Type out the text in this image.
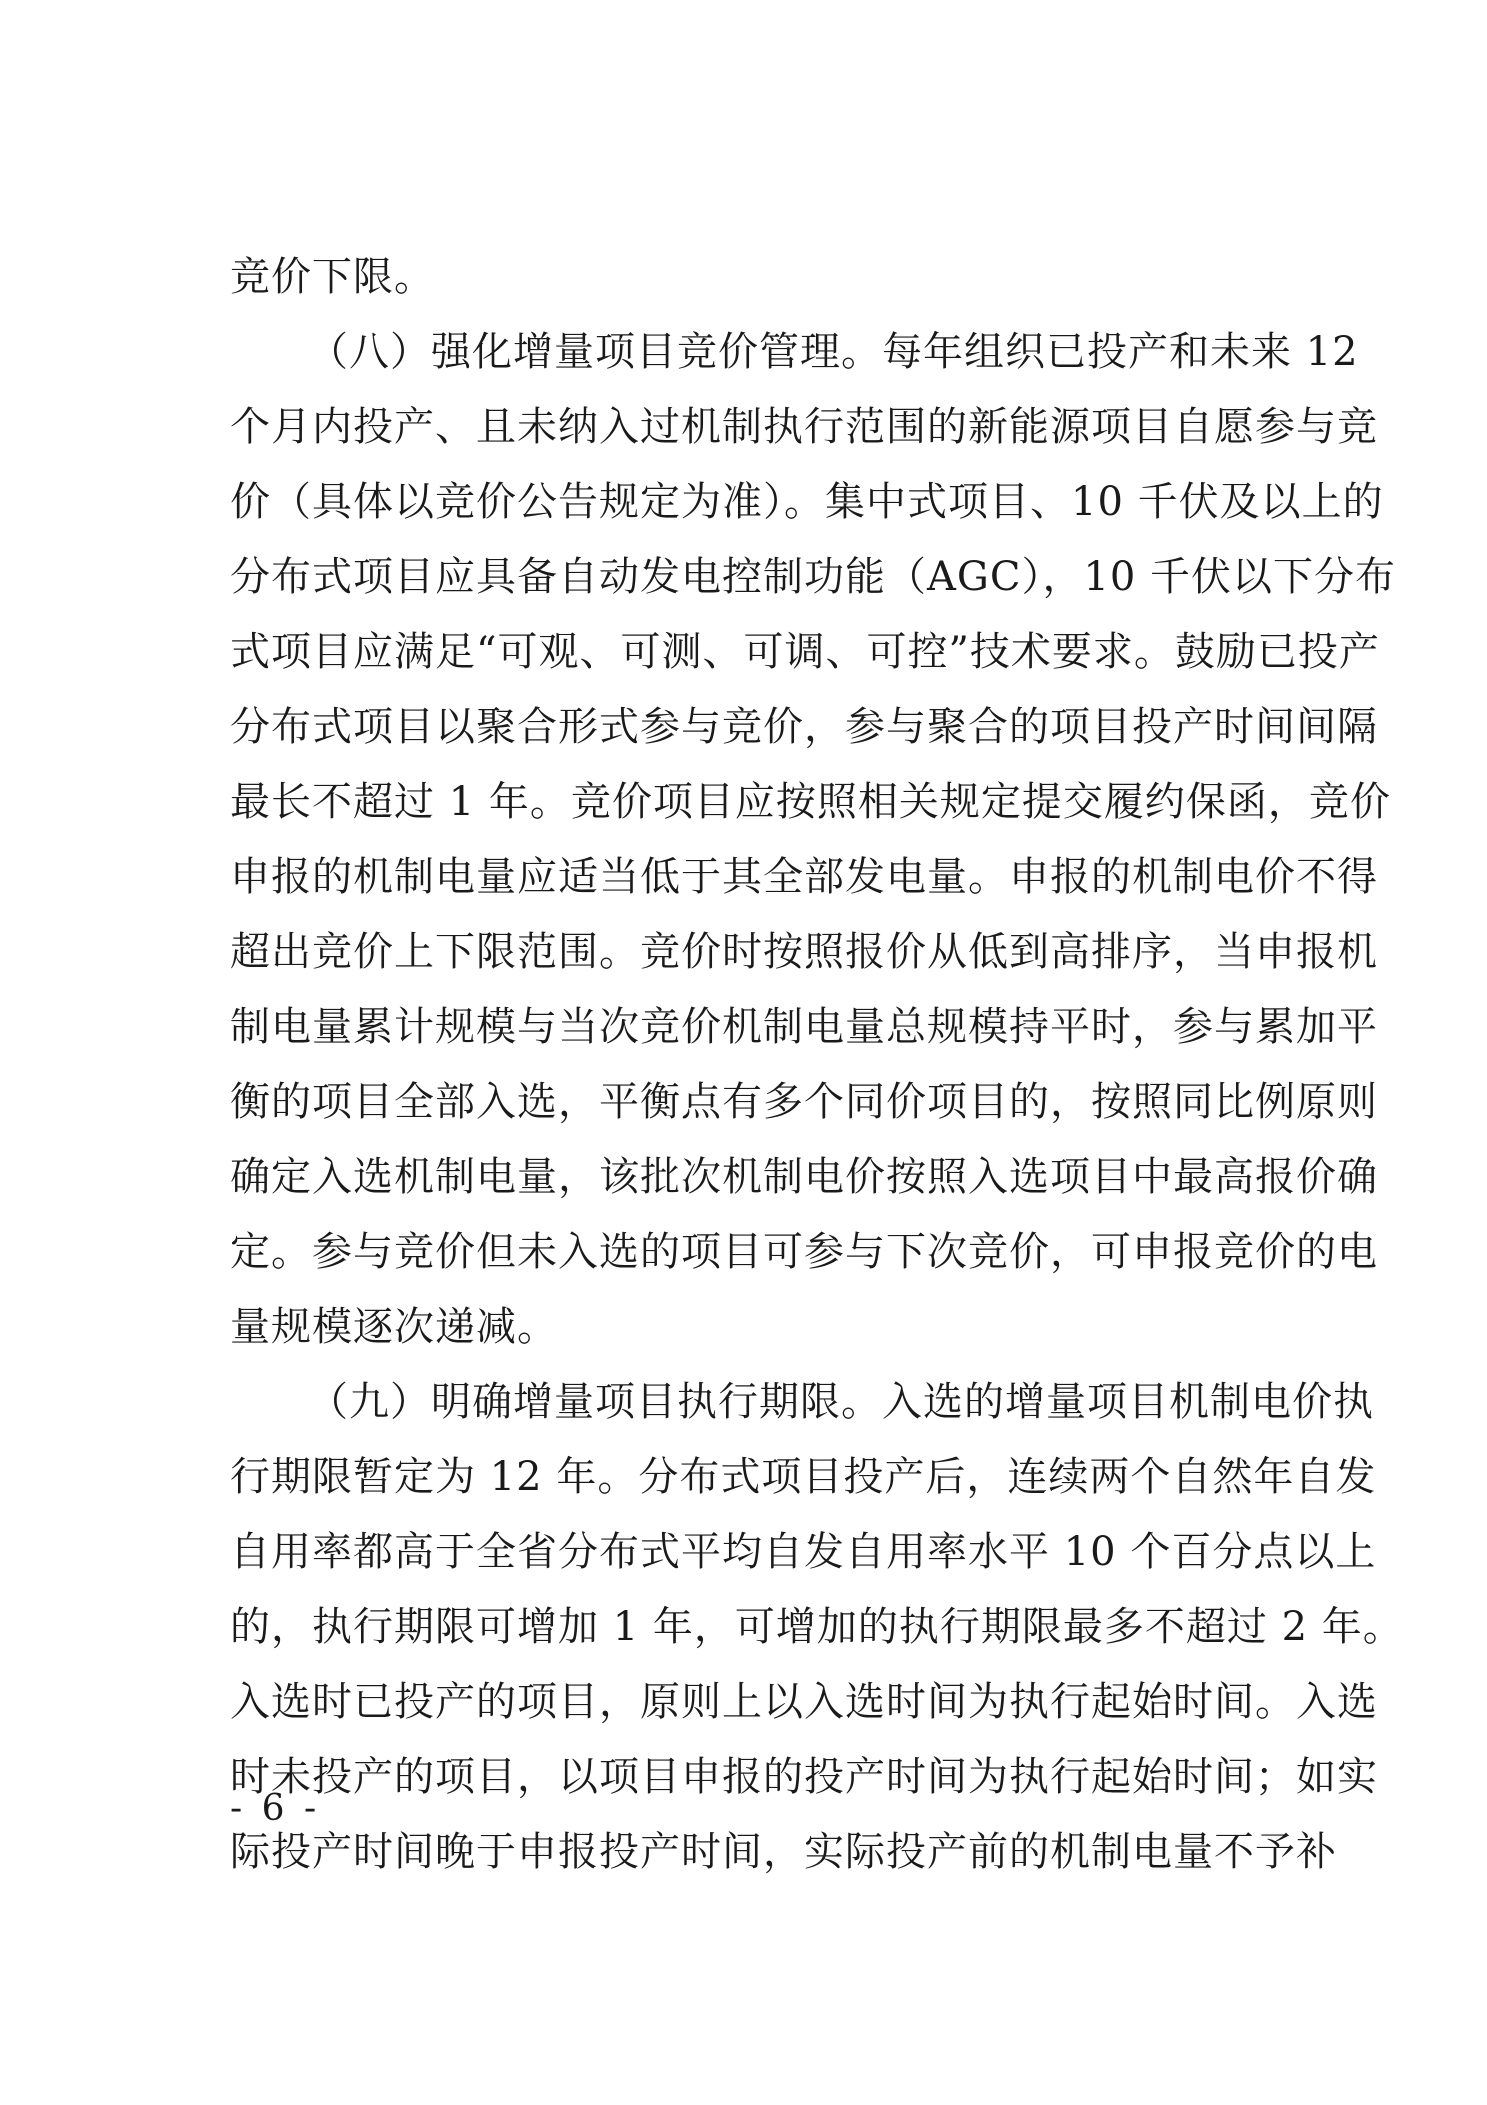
竞价下限。
（八）强化增量项目竞价管理。每年组织已投产和未来 12
个月内投产、且未纳入过机制执行范围的新能源项目自愿参与竞
价（具体以竞价公告规定为准）。集中式项目、10 千伏及以上的
分布式项目应具备自动发电控制功能（AGC），10 千伏以下分布
式项目应满足“可观、可测、可调、可控”技术要求。鼓励已投产
分布式项目以聚合形式参与竞价，参与聚合的项目投产时间间隔
最长不超过 1 年。竞价项目应按照相关规定提交履约保函，竞价
申报的机制电量应适当低于其全部发电量。申报的机制电价不得
超出竞价上下限范围。竞价时按照报价从低到高排序，当申报机
制电量累计规模与当次竞价机制电量总规模持平时，参与累加平
衡的项目全部入选，平衡点有多个同价项目的，按照同比例原则
确定入选机制电量，该批次机制电价按照入选项目中最高报价确
定。参与竞价但未入选的项目可参与下次竞价，可申报竞价的电
量规模逐次递减。
（九）明确增量项目执行期限。入选的增量项目机制电价执
行期限暂定为 12 年。分布式项目投产后，连续两个自然年自发
自用率都高于全省分布式平均自发自用率水平 10 个百分点以上
的，执行期限可增加 1 年，可增加的执行期限最多不超过 2 年。
入选时已投产的项目，原则上以入选时间为执行起始时间。入选
时未投产的项目，以项目申报的投产时间为执行起始时间；如实
际投产时间晚于申报投产时间，实际投产前的机制电量不予补
- 6 -
